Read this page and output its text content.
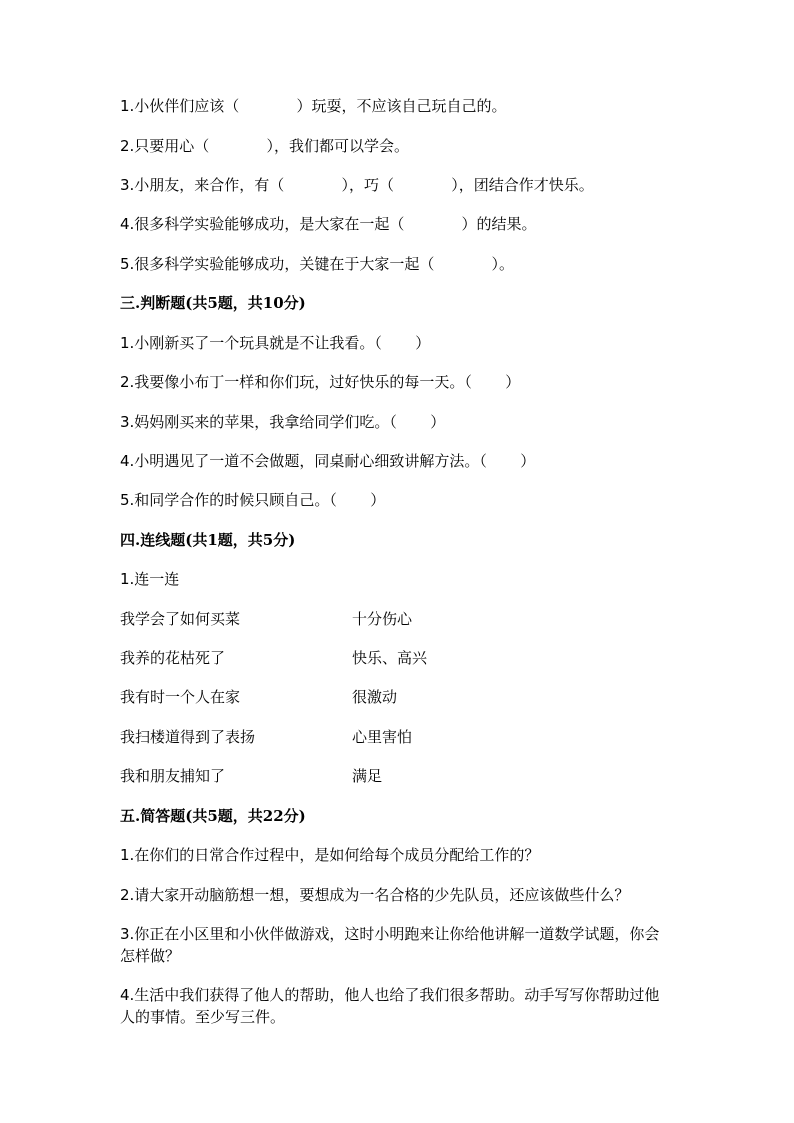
1.小伙伴们应该（            ）玩耍，不应该自己玩自己的。
2.只要用心（            ），我们都可以学会。
3.小朋友，来合作，有（            ），巧（            ），团结合作才快乐。
4.很多科学实验能够成功，是大家在一起（            ）的结果。
5.很多科学实验能够成功，关键在于大家一起（            ）。
三.判断题(共5题，共10分)
1.小刚新买了一个玩具就是不让我看。（       ）
2.我要像小布丁一样和你们玩，过好快乐的每一天。（       ）
3.妈妈刚买来的苹果，我拿给同学们吃。（       ）
4.小明遇见了一道不会做题，同桌耐心细致讲解方法。（       ）
5.和同学合作的时候只顾自己。（       ）
四.连线题(共1题，共5分)
1.连一连
我学会了如何买菜	十分伤心
我养的花枯死了	快乐、高兴
我有时一个人在家	很激动
我扫楼道得到了表扬	心里害怕
我和朋友捕知了	满足
五.简答题(共5题，共22分)
1.在你们的日常合作过程中，是如何给每个成员分配给工作的？
2.请大家开动脑筋想一想，要想成为一名合格的少先队员，还应该做些什么？
3.你正在小区里和小伙伴做游戏，这时小明跑来让你给他讲解一道数学试题，你会怎样做？
4.生活中我们获得了他人的帮助，他人也给了我们很多帮助。动手写写你帮助过他人的事情。至少写三件。
